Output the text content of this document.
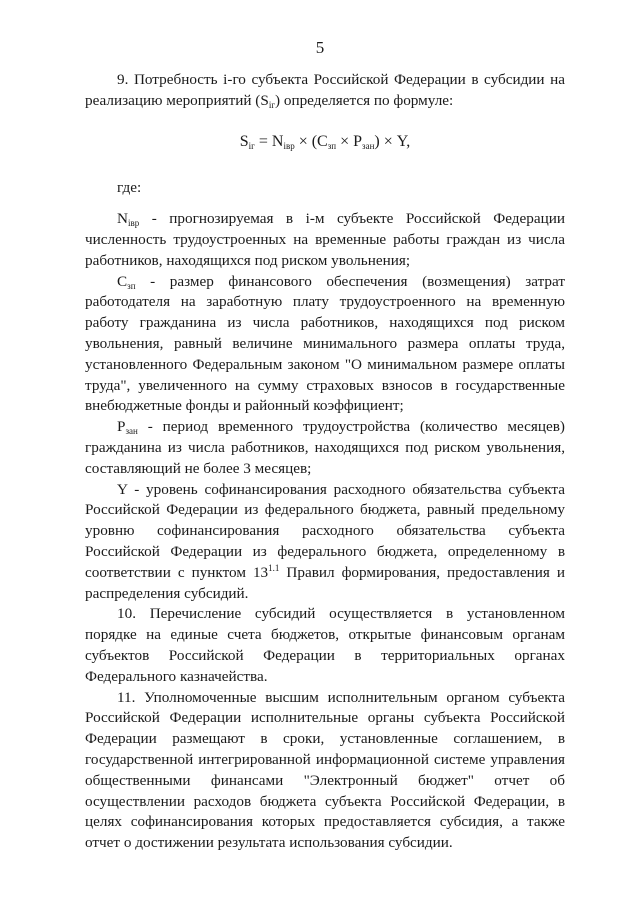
5

9. Потребность i-го субъекта Российской Федерации в субсидии на реализацию мероприятий $(S_{iг})$ определяется по формуле:

$S_{iг} = N_{iвр} \times (С_{зп} \times Р_{зан}) \times Y$,

где:

$N_{iвр}$ - прогнозируемая в i-м субъекте Российской Федерации численность трудоустроенных на временные работы граждан из числа работников, находящихся под риском увольнения;

$С_{зп}$ - размер финансового обеспечения (возмещения) затрат работодателя на заработную плату трудоустроенного на временную работу гражданина из числа работников, находящихся под риском увольнения, равный величине минимального размера оплаты труда, установленного Федеральным законом "О минимальном размере оплаты труда", увеличенного на сумму страховых взносов в государственные внебюджетные фонды и районный коэффициент;

$Р_{зан}$ - период временного трудоустройства (количество месяцев) гражданина из числа работников, находящихся под риском увольнения, составляющий не более 3 месяцев;

Y - уровень софинансирования расходного обязательства субъекта Российской Федерации из федерального бюджета, равный предельному уровню софинансирования расходного обязательства субъекта Российской Федерации из федерального бюджета, определенному в соответствии с пунктом $13^{1.1}$ Правил формирования, предоставления и распределения субсидий.

10. Перечисление субсидий осуществляется в установленном порядке на единые счета бюджетов, открытые финансовым органам субъектов Российской Федерации в территориальных органах Федерального казначейства.

11. Уполномоченные высшим исполнительным органом субъекта Российской Федерации исполнительные органы субъекта Российской Федерации размещают в сроки, установленные соглашением, в государственной интегрированной информационной системе управления общественными финансами "Электронный бюджет" отчет об осуществлении расходов бюджета субъекта Российской Федерации, в целях софинансирования которых предоставляется субсидия, а также отчет о достижении результата использования субсидии.
